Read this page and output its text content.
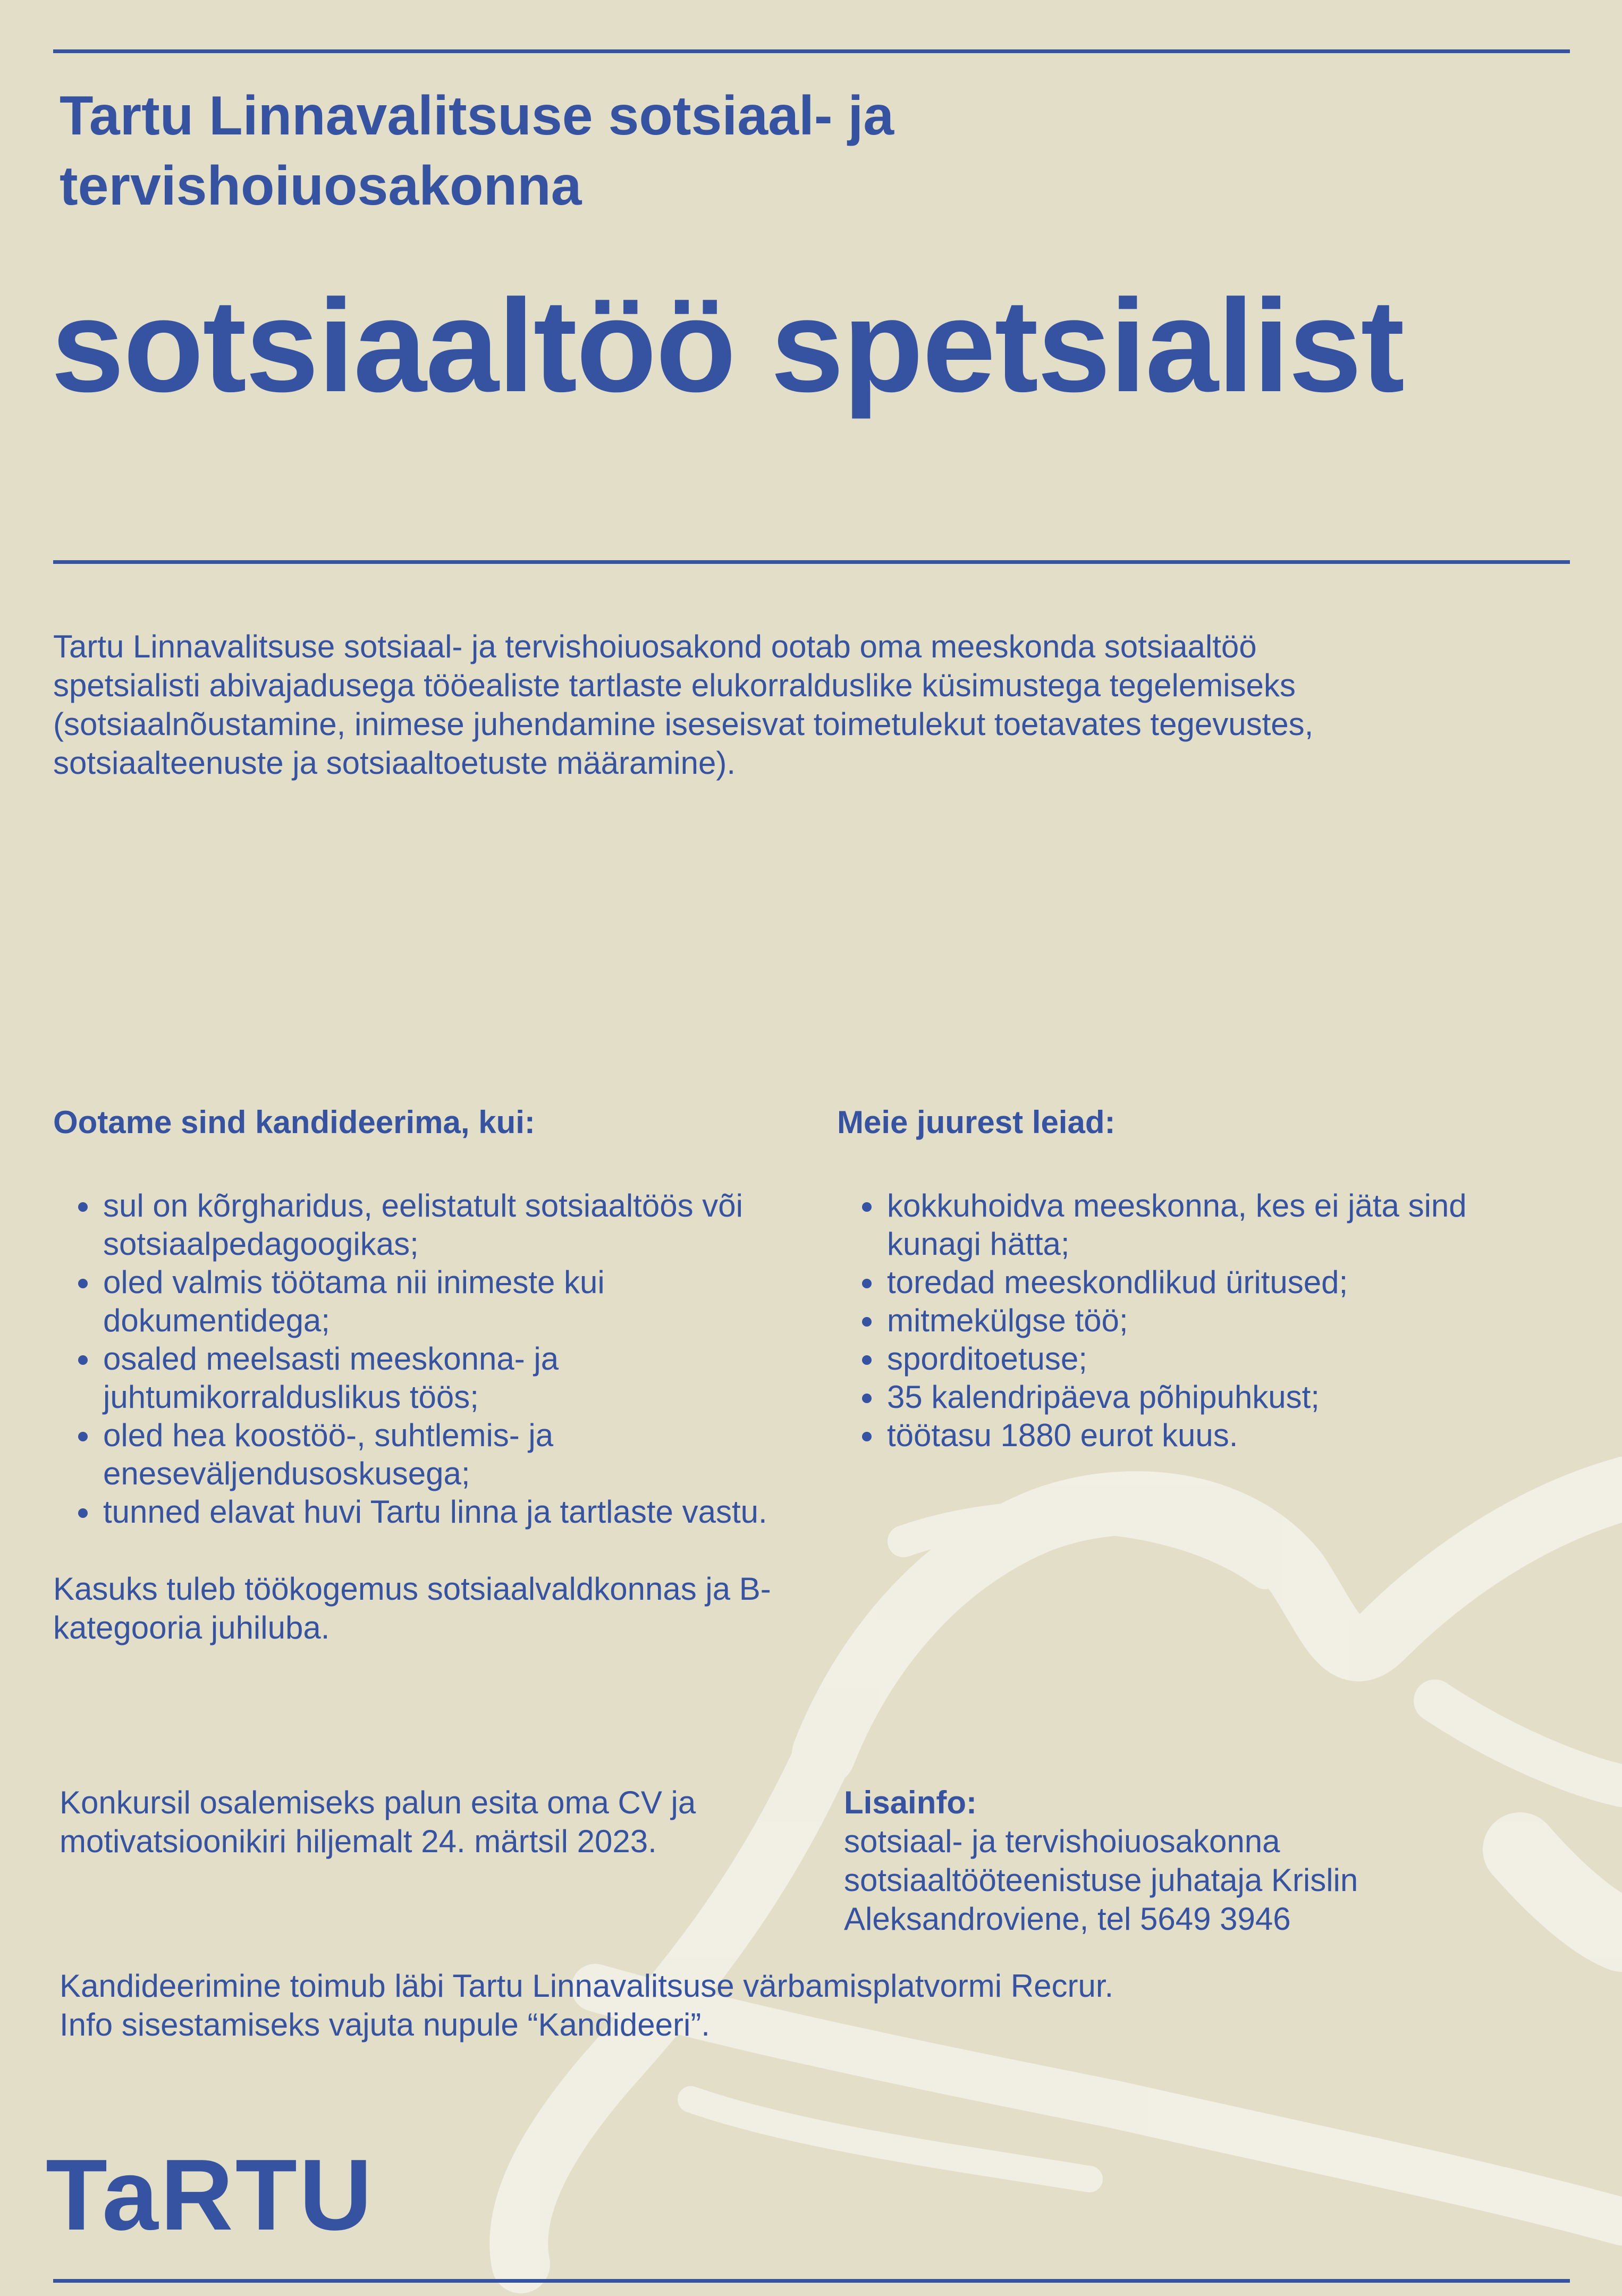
Tartu Linnavalitsuse sotsiaal- ja tervishoiuosakonna
sotsiaaltöö spetsialist

Tartu Linnavalitsuse sotsiaal- ja tervishoiuosakond ootab oma meeskonda sotsiaaltöö spetsialisti abivajadusega tööealiste tartlaste elukorralduslike küsimustega tegelemiseks (sotsiaalnõustamine, inimese juhendamine iseseisvat toimetulekut toetavates tegevustes, sotsiaalteenuste ja sotsiaaltoetuste määramine).

Ootame sind kandideerima, kui:
• sul on kõrgharidus, eelistatult sotsiaaltöös või sotsiaalpedagoogikas;
• oled valmis töötama nii inimeste kui dokumentidega;
• osaled meelsasti meeskonna- ja juhtumikorralduslikus töös;
• oled hea koostöö-, suhtlemis- ja eneseväljendusoskusega;
• tunned elavat huvi Tartu linna ja tartlaste vastu.

Kasuks tuleb töökogemus sotsiaalvaldkonnas ja B-kategooria juhiluba.

Meie juurest leiad:
• kokkuhoidva meeskonna, kes ei jäta sind kunagi hätta;
• toredad meeskondlikud üritused;
• mitmekülgse töö;
• sporditoetuse;
• 35 kalendripäeva põhipuhkust;
• töötasu 1880 eurot kuus.

Konkursil osalemiseks palun esita oma CV ja motivatsioonikiri hiljemalt 24. märtsil 2023.

Lisainfo:

sotsiaal- ja tervishoiuosakonna sotsiaaltööteenistuse juhataja Krislin Aleksandroviene, tel 5649 3946

Kandideerimine toimub läbi Tartu Linnavalitsuse värbamisplatvormi Recrur.

Info sisestamiseks vajuta nupule “Kandideeri”.

TaRTU
